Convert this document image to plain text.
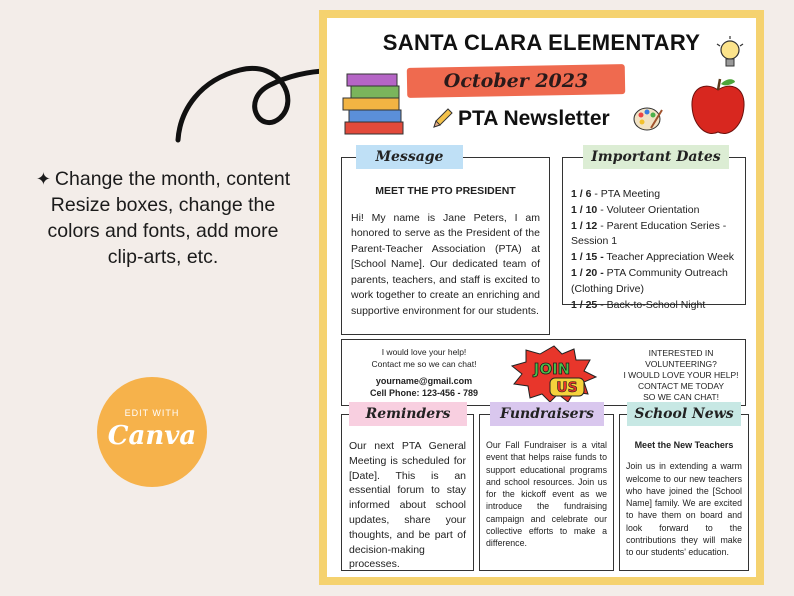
✦ Change the month, content
Resize boxes, change the
colors and fonts, add more
clip-arts, etc.
EDIT WITH
Canva
SANTA CLARA ELEMENTARY
October 2023
PTA Newsletter
MEET THE PTO PRESIDENT
Hi! My name is Jane Peters, I am honored to serve as the President of the Parent-Teacher Association (PTA) at [School Name]. Our dedicated team of parents, teachers, and staff is excited to work together to create an enriching and supportive environment for our students.
Message
1 / 6 - PTA Meeting
1 / 10 - Voluteer Orientation
1 / 12 - Parent Education Series - Session 1
1 / 15 - Teacher Appreciation Week
1 / 20 - PTA Community Outreach (Clothing Drive)
1 / 25 - Back-to-School Night
Important Dates
I would love your help!
Contact me so we can chat!
yourname@gmail.com
Cell Phone: 123-456 - 789
JOIN
US
INTERESTED IN
VOLUNTEERING?
I WOULD LOVE YOUR HELP!
CONTACT ME TODAY
SO WE CAN CHAT!
Our next PTA General Meeting is scheduled for [Date]. This is an essential forum to stay informed about school updates, share your thoughts, and be part of decision-making processes.
Reminders
Our Fall Fundraiser is a vital event that helps raise funds to support educational programs and school resources. Join us for the kickoff event as we introduce the fundraising campaign and celebrate our collective efforts to make a difference.
Fundraisers
Meet the New Teachers
Join us in extending a warm welcome to our new teachers who have joined the [School Name] family. We are excited to have them on board and look forward to the contributions they will make to our students' education.
School News
